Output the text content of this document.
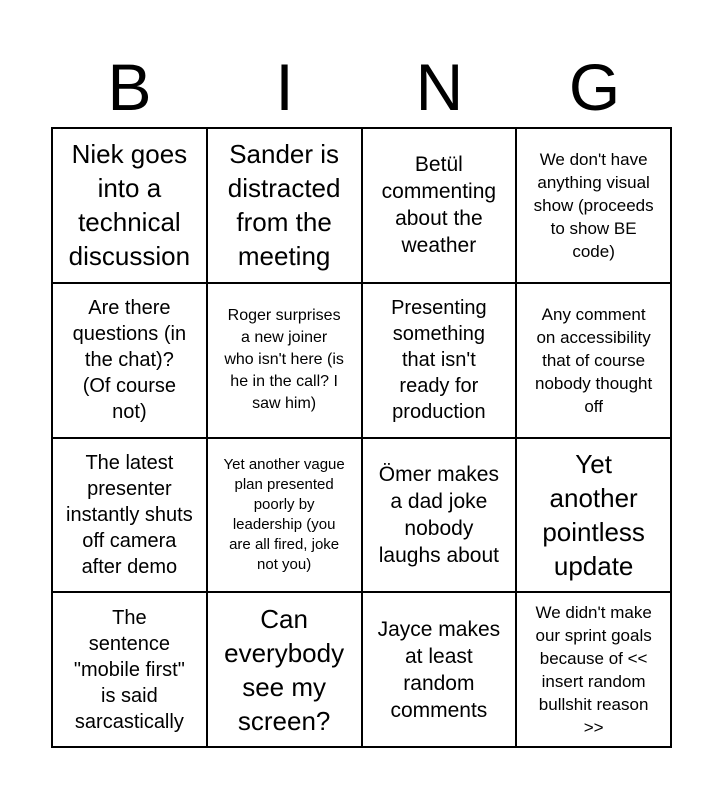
B	I	N	G
Niek goes
into a
technical
discussion
Sander is
distracted
from the
meeting
Betül
commenting
about the
weather
We don't have
anything visual
show (proceeds
to show BE
code)
Are there
questions (in
the chat)?
(Of course
not)
Roger surprises
a new joiner
who isn't here (is
he in the call? I
saw him)
Presenting
something
that isn't
ready for
production
Any comment
on accessibility
that of course
nobody thought
off
The latest
presenter
instantly shuts
off camera
after demo
Yet another vague
plan presented
poorly by
leadership (you
are all fired, joke
not you)
Ömer makes
a dad joke
nobody
laughs about
Yet
another
pointless
update
The
sentence
"mobile first"
is said
sarcastically
Can
everybody
see my
screen?
Jayce makes
at least
random
comments
We didn't make
our sprint goals
because of <<
insert random
bullshit reason
>>
